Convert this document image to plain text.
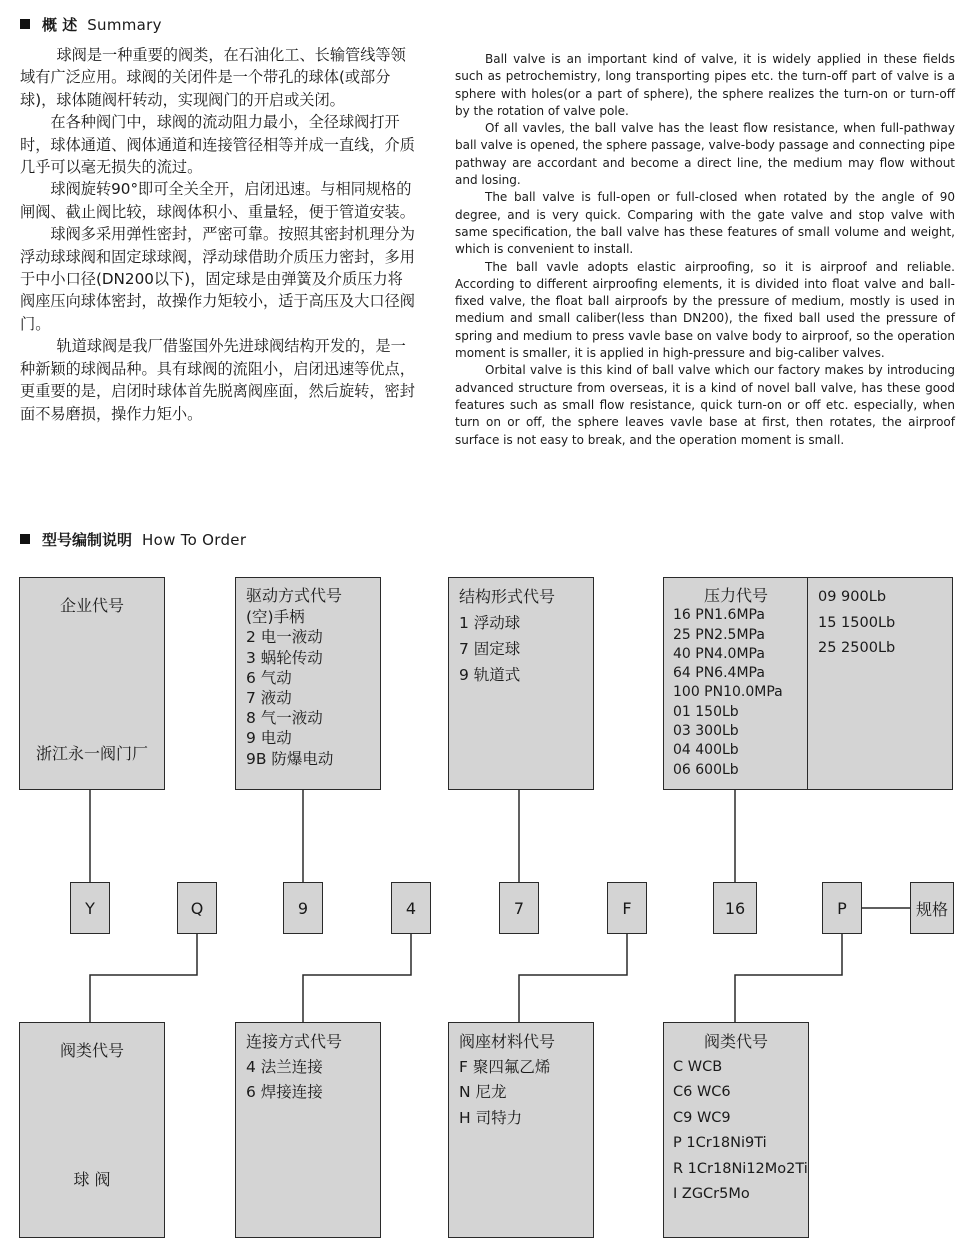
概 述 Summary

球阀是一种重要的阀类，在石油化工、长输管线等领域有广泛应用。球阀的关闭件是一个带孔的球体(或部分球)，球体随阀杆转动，实现阀门的开启或关闭。

在各种阀门中，球阀的流动阻力最小，全径球阀打开时，球体通道、阀体通道和连接管径相等并成一直线，介质几乎可以毫无损失的流过。

球阀旋转90°即可全关全开，启闭迅速。与相同规格的闸阀、截止阀比较，球阀体积小、重量轻，便于管道安装。

球阀多采用弹性密封，严密可靠。按照其密封机理分为浮动球球阀和固定球球阀，浮动球借助介质压力密封，多用于中小口径(DN200以下)，固定球是由弹簧及介质压力将阀座压向球体密封，故操作力矩较小，适于高压及大口径阀门。

轨道球阀是我厂借鉴国外先进球阀结构开发的，是一种新颖的球阀品种。具有球阀的流阻小，启闭迅速等优点，更重要的是，启闭时球体首先脱离阀座面，然后旋转，密封面不易磨损，操作力矩小。

Ball valve is an important kind of valve, it is widely applied in these fields such as petrochemistry, long transporting pipes etc. the turn-off part of valve is a sphere with holes(or a part of sphere), the sphere realizes the turn-on or turn-off by the rotation of valve pole.

Of all vavles, the ball valve has the least flow resistance, when full-pathway ball valve is opened, the sphere passage, valve-body passage and connecting pipe pathway are accordant and become a direct line, the medium may flow without and losing.

The ball valve is full-open or full-closed when rotated by the angle of 90 degree, and is very quick. Comparing with the gate valve and stop valve with same specification, the ball valve has these features of small volume and weight, which is convenient to install.

The ball vavle adopts elastic airproofing, so it is airproof and reliable. According to different airproofing elements, it is divided into float valve and ball-fixed valve, the float ball airproofs by the pressure of medium, mostly is used in medium and small caliber(less than DN200), the fixed ball used the pressure of spring and medium to press vavle base on valve body to airproof, so the operation moment is smaller, it is applied in high-pressure and big-caliber valves.

Orbital valve is this kind of ball valve which our factory makes by introducing advanced structure from overseas, it is a kind of novel ball valve, has these good features such as small flow resistance, quick turn-on or off etc. especially, when turn on or off, the sphere leaves vavle base at first, then rotates, the airproof surface is not easy to break, and the operation moment is small.

型号编制说明 How To Order
企业代号
浙江永一阀门厂
驱动方式代号
(空)手柄
2 电一液动
3 蜗轮传动
6 气动
7 液动
8 气一液动
9 电动
9B 防爆电动
结构形式代号
1 浮动球
7 固定球
9 轨道式
压力代号
16 PN1.6MPa
25 PN2.5MPa
40 PN4.0MPa
64 PN6.4MPa
100 PN10.0MPa
01 150Lb
03 300Lb
04 400Lb
06 600Lb
09 900Lb
15 1500Lb
25 2500Lb
Y	Q	9	4	7	F	16	P	规格
阀类代号
球 阀
连接方式代号
4 法兰连接
6 焊接连接
阀座材料代号
F 聚四氟乙烯
N 尼龙
H 司特力
阀类代号
C WCB
C6 WC6
C9 WC9
P 1Cr18Ni9Ti
R 1Cr18Ni12Mo2Ti
I ZGCr5Mo
